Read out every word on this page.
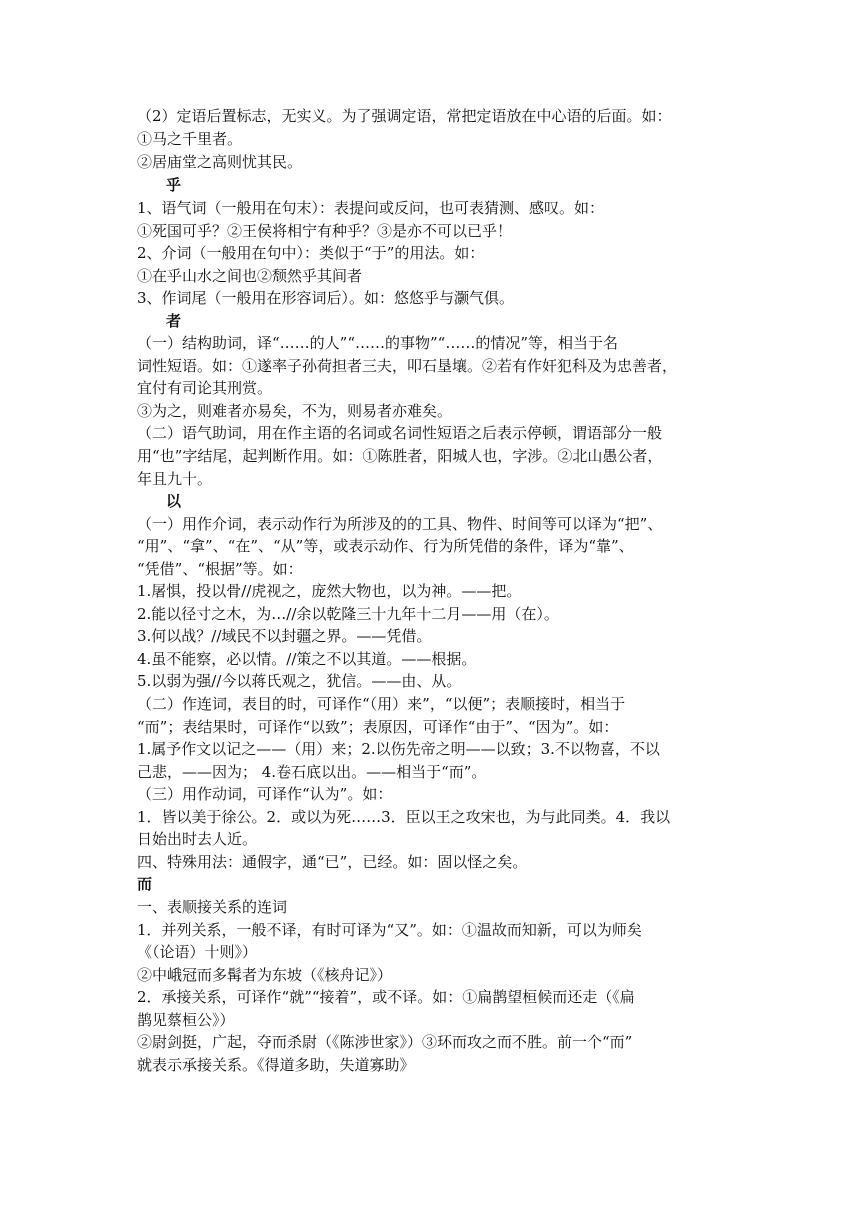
（2）定语后置标志，无实义。为了强调定语，常把定语放在中心语的后面。如：
①马之千里者。
②居庙堂之高则忧其民。
乎
1、语气词（一般用在句末）：表提问或反问，也可表猜测、感叹。如：
①死国可乎？②王侯将相宁有种乎？③是亦不可以已乎！
2、介词（一般用在句中）：类似于“于”的用法。如：
①在乎山水之间也②颓然乎其间者
3、作词尾（一般用在形容词后）。如：悠悠乎与灏气俱。
者
（一）结构助词，译“……的人”“……的事物”“……的情况”等，相当于名
词性短语。如：①遂率子孙荷担者三夫，叩石垦壤。②若有作奸犯科及为忠善者，
宜付有司论其刑赏。
③为之，则难者亦易矣，不为，则易者亦难矣。
（二）语气助词，用在作主语的名词或名词性短语之后表示停顿，谓语部分一般
用“也”字结尾，起判断作用。如：①陈胜者，阳城人也，字涉。②北山愚公者，
年且九十。
以
（一）用作介词，表示动作行为所涉及的的工具、物件、时间等可以译为“把”、
“用”、“拿”、“在”、“从”等，或表示动作、行为所凭借的条件，译为“靠”、
“凭借”、“根据”等。如：
1.屠惧，投以骨//虎视之，庞然大物也，以为神。——把。
2.能以径寸之木，为…//余以乾隆三十九年十二月——用（在）。
3.何以战？//域民不以封疆之界。——凭借。
4.虽不能察，必以情。//策之不以其道。——根据。
5.以弱为强//今以蒋氏观之，犹信。——由、从。
（二）作连词，表目的时，可译作“（用）来”，“以便”；表顺接时，相当于
“而”；表结果时，可译作“以致”；表原因，可译作“由于”、“因为”。如：
1.属予作文以记之——（用）来；2.以伤先帝之明——以致；3.不以物喜，不以
己悲，——因为； 4.卷石底以出。——相当于“而”。
（三）用作动词，可译作“认为”。如：
1．皆以美于徐公。2．或以为死……3．臣以王之攻宋也，为与此同类。4．我以
日始出时去人近。
四、特殊用法：通假字，通“已”，已经。如：固以怪之矣。
而
一、表顺接关系的连词
1．并列关系，一般不译，有时可译为“又”。如：①温故而知新，可以为师矣
《（论语）十则》）
②中峨冠而多髯者为东坡（《核舟记》）
2．承接关系，可译作“就”“接着”，或不译。如：①扁鹊望桓候而还走（《扁
鹊见蔡桓公》）
②尉剑挺，广起，夺而杀尉（《陈涉世家》）③环而攻之而不胜。前一个“而”
就表示承接关系。《得道多助，失道寡助》
